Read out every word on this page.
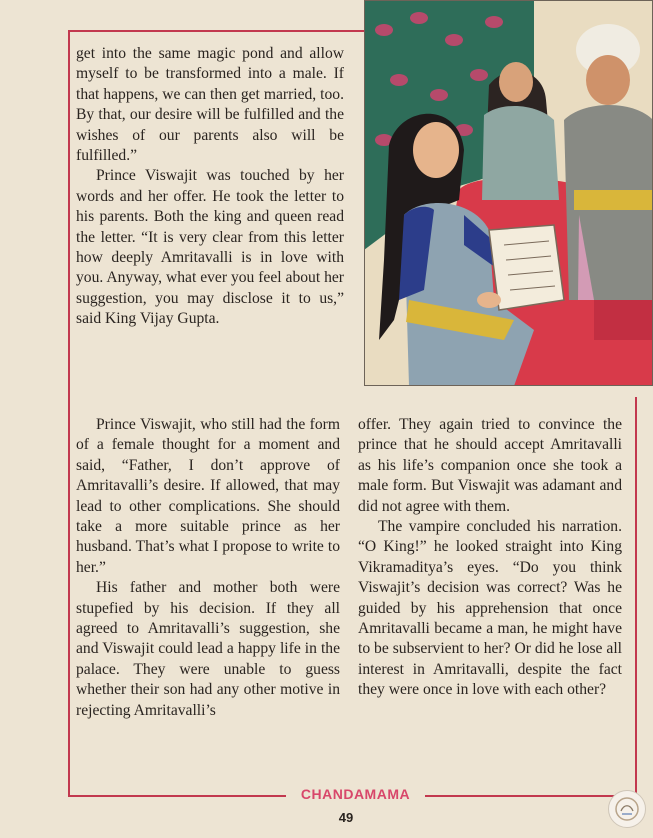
get into the same magic pond and allow myself to be transformed into a male. If that happens, we can then get married, too. By that, our desire will be fulfilled and the wishes of our parents also will be fulfilled.”

Prince Viswajit was touched by her words and her offer. He took the letter to his parents. Both the king and queen read the letter. “It is very clear from this letter how deeply Amritavalli is in love with you. Anyway, what ever you feel about her suggestion, you may disclose it to us,” said King Vijay Gupta.

Prince Viswajit, who still had the form of a female thought for a moment and said, “Father, I don’t approve of Amritavalli’s desire. If allowed, that may lead to other complications. She should take a more suitable prince as her husband. That’s what I propose to write to her.”

His father and mother both were stupefied by his decision. If they all agreed to Amritavalli’s suggestion, she and Viswajit could lead a happy life in the palace. They were unable to guess whether their son had any other motive in rejecting Amritavalli’s

offer. They again tried to convince the prince that he should accept Amritavalli as his life’s companion once she took a male form. But Viswajit was adamant and did not agree with them.

The vampire concluded his narration. “O King!” he looked straight into King Vikramaditya’s eyes. “Do you think Viswajit’s decision was correct? Was he guided by his apprehension that once Amritavalli became a man, he might have to be subservient to her? Or did he lose all interest in Amritavalli, despite the fact they were once in love with each other?

CHANDAMAMA
49
